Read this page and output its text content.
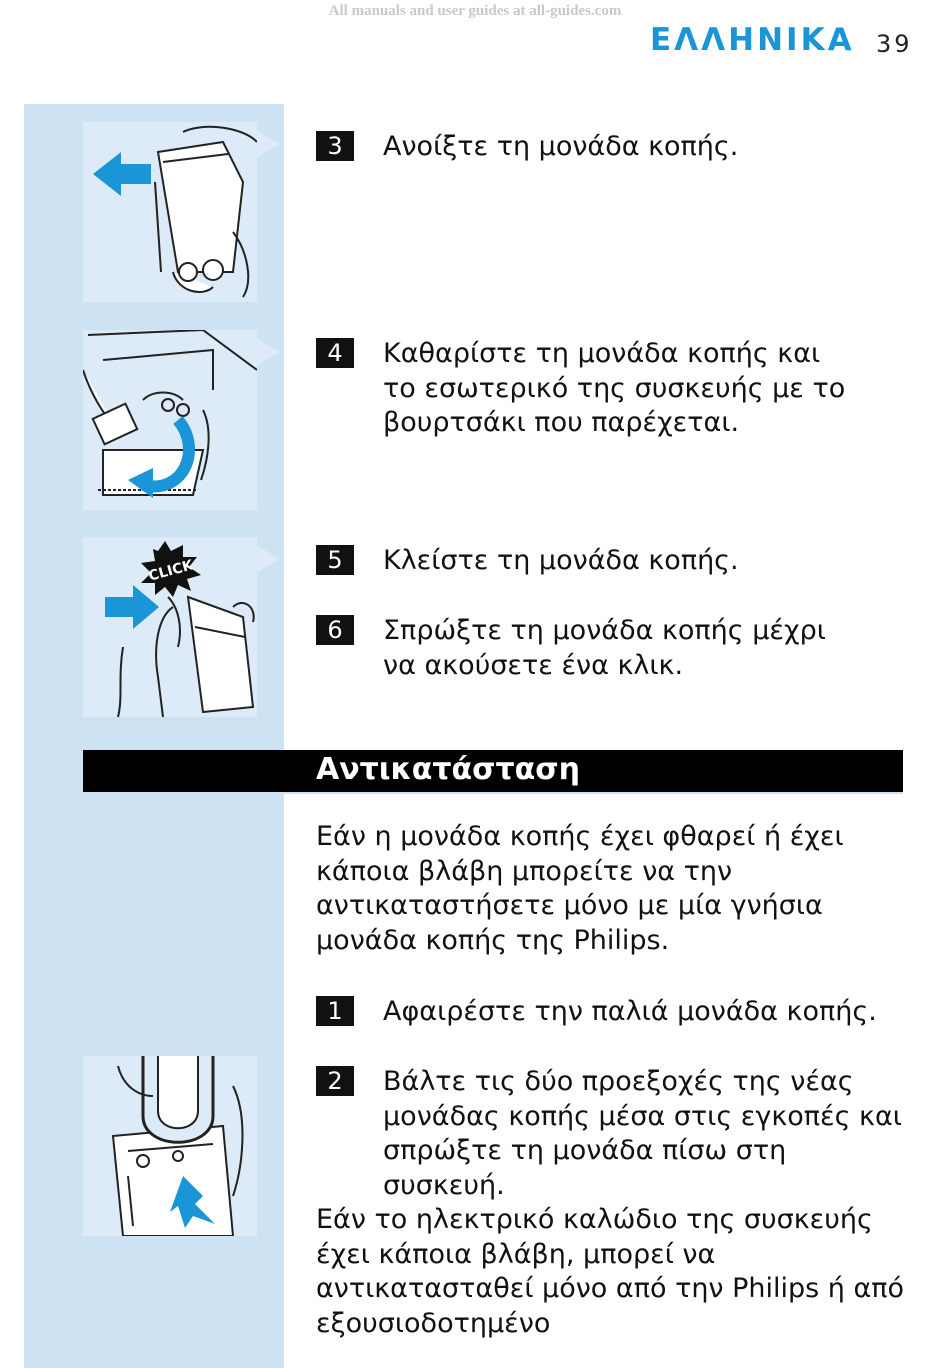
All manuals and user guides at all-guides.com
ΕΛΛΗΝΙΚΑ 39
CLICK
3	Ανοίξτε τη μονάδα κοπής.
4	Καθαρίστε τη μονάδα κοπής και το εσωτερικό της συσκευής με το βουρτσάκι που παρέχεται.
5	Κλείστε τη μονάδα κοπής.
6	Σπρώξτε τη μονάδα κοπής μέχρι να ακούσετε ένα κλικ.
Αντικατάσταση
Εάν η μονάδα κοπής έχει φθαρεί ή έχει κάποια βλάβη μπορείτε να την αντικαταστήσετε μόνο με μία γνήσια μονάδα κοπής της Philips.
1	Αφαιρέστε την παλιά μονάδα κοπής.
2	Βάλτε τις δύο προεξοχές της νέας μονάδας κοπής μέσα στις εγκοπές και σπρώξτε τη μονάδα πίσω στη συσκευή.
Εάν το ηλεκτρικό καλώδιο της συσκευής έχει κάποια βλάβη, μπορεί να αντικατασταθεί μόνο από την Philips ή από εξουσιοδοτημένο
